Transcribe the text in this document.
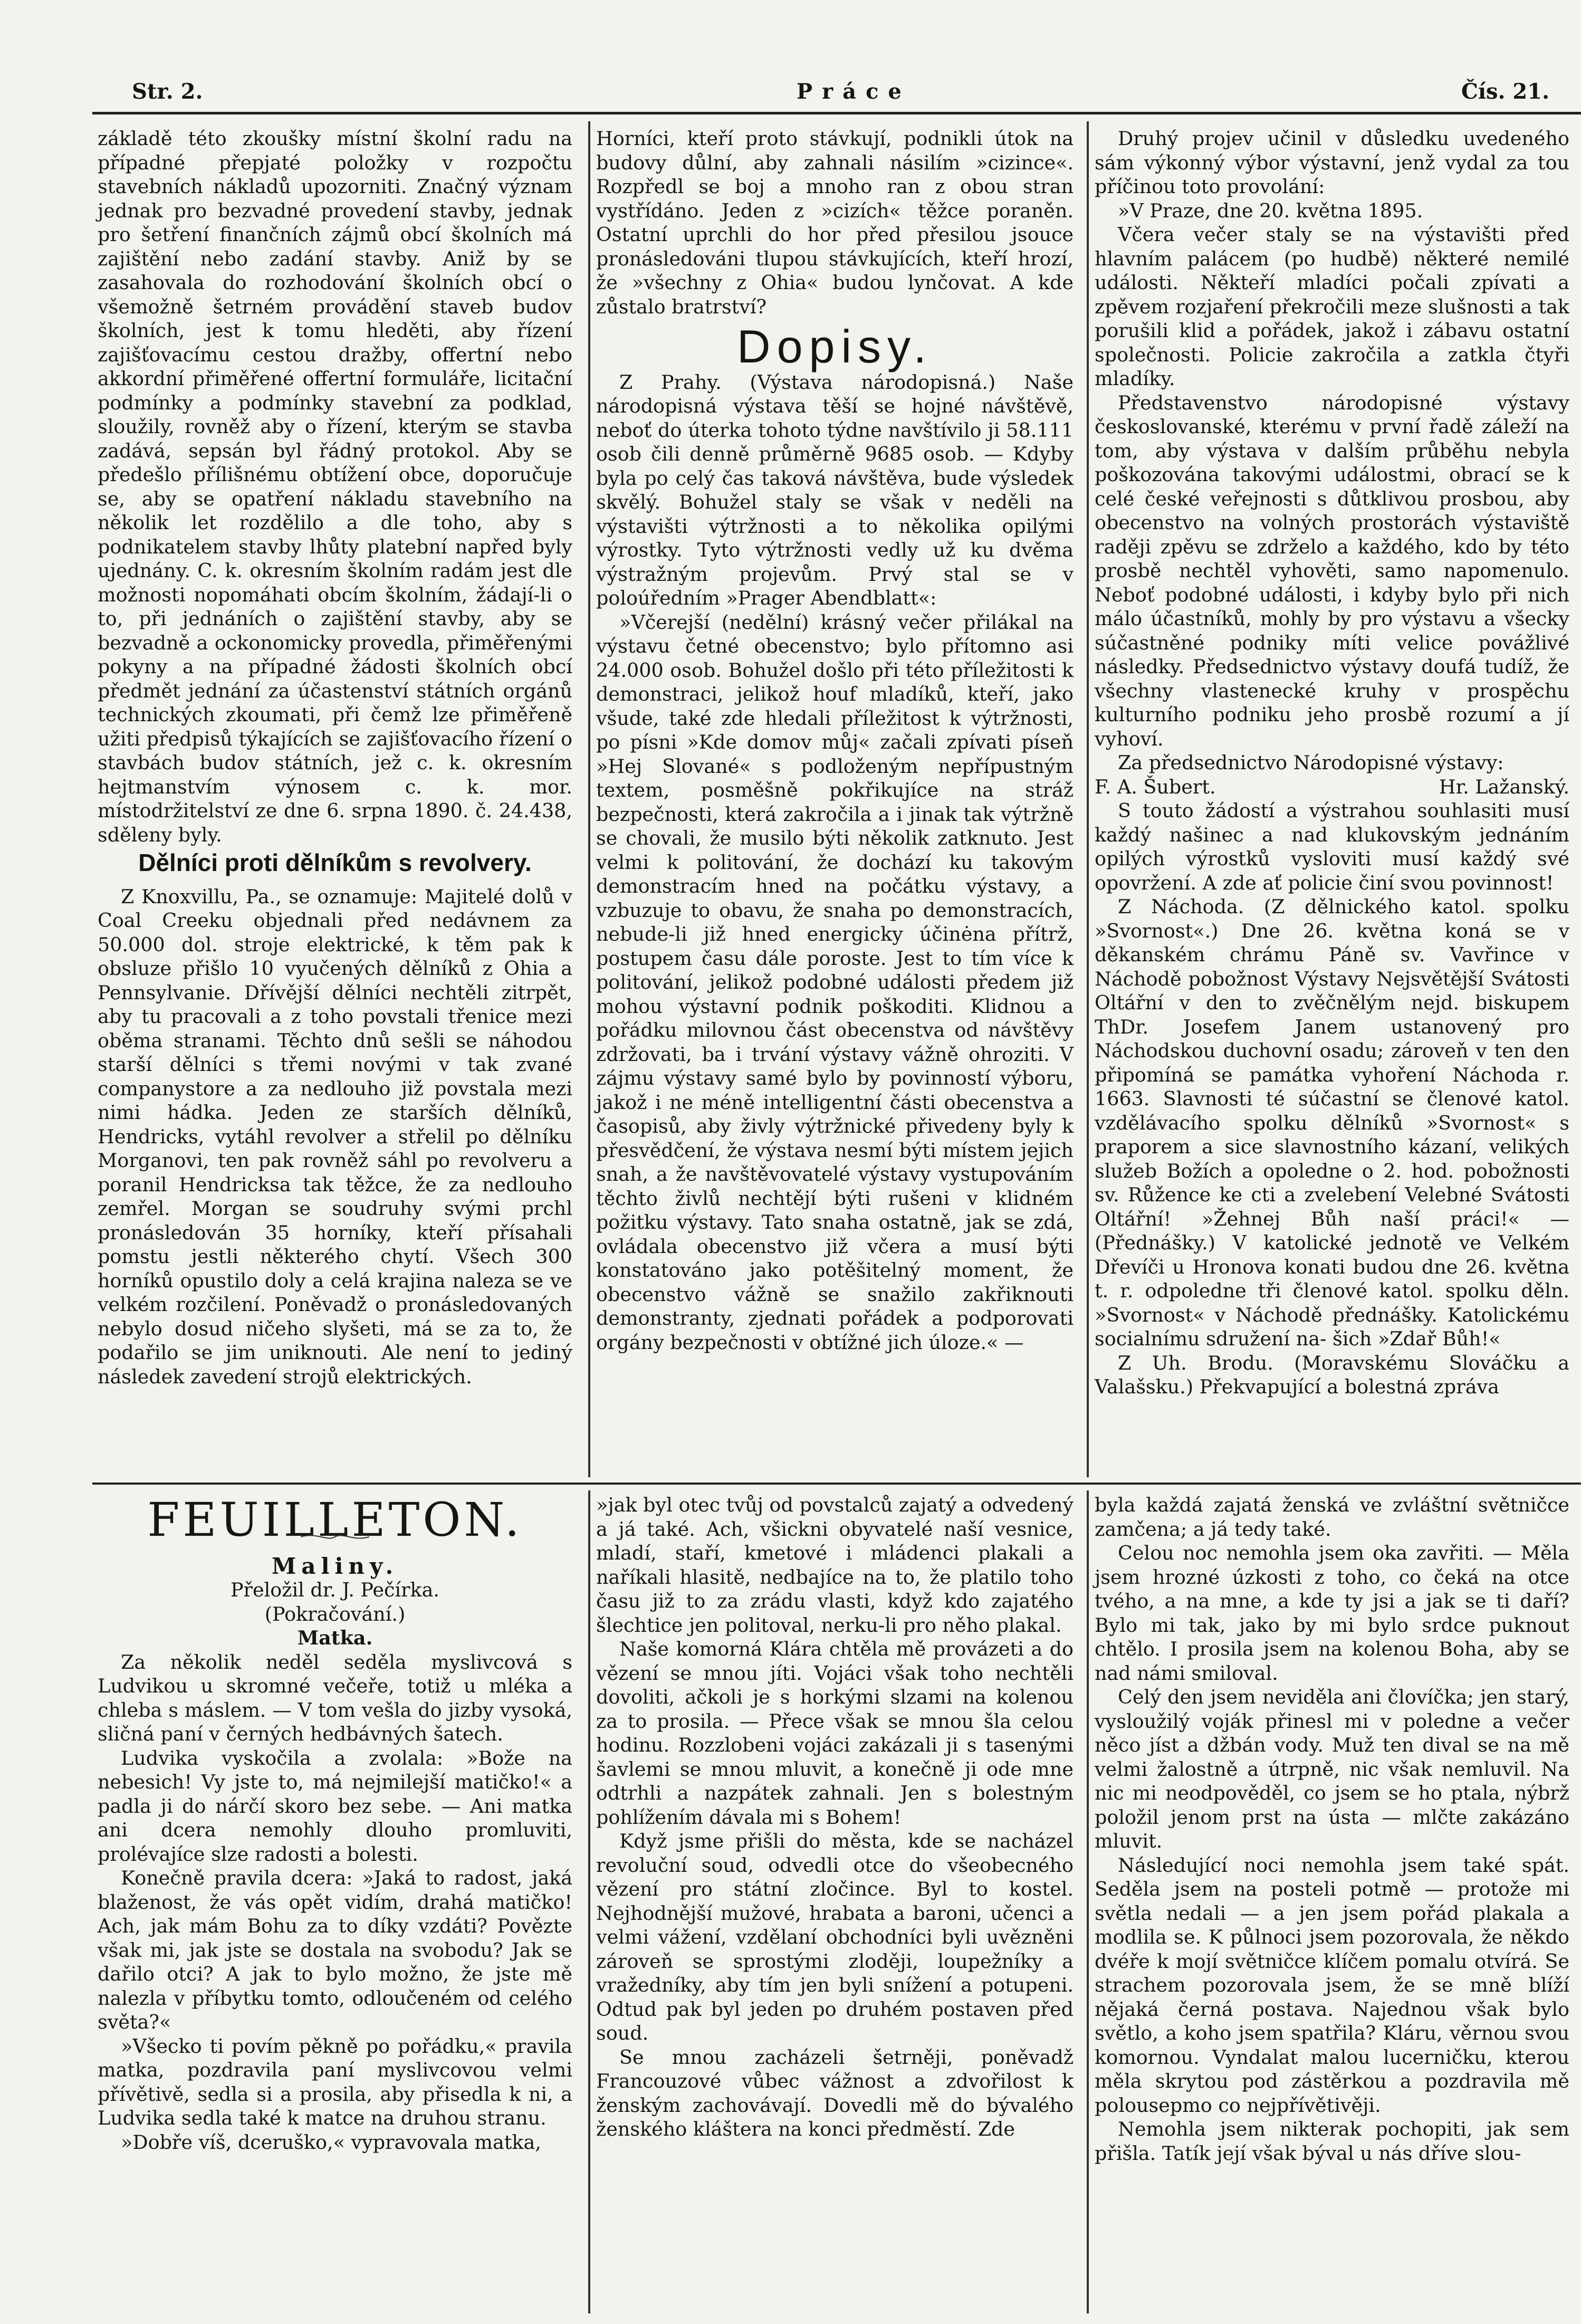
Str. 2.	Práce	Čís. 21.

základě této zkoušky místní školní radu na případné přepjaté položky v rozpočtu stavebních nákladů upozorniti. Značný význam jednak pro bezvadné provedení stavby, jednak pro šetření finančních zájmů obcí školních má zajištění nebo zadání stavby. Aniž by se zasahovala do rozhodování školních obcí o všemožně šetrném provádění staveb budov školních, jest k tomu hleděti, aby řízení zajišťovacímu cestou dražby, offertní nebo akkordní přiměřené offertní formuláře, licitační podmínky a podmínky stavební za podklad, sloužily, rovněž aby o řízení, kterým se stavba zadává, sepsán byl řádný protokol. Aby se předešlo přílišnému obtížení obce, doporučuje se, aby se opatření nákladu stavebního na několik let rozdělilo a dle toho, aby s podnikatelem stavby lhůty platební napřed byly ujednány. C. k. okresním školním radám jest dle možnosti nopomáhati obcím školním, žádají-li o to, při jednáních o zajištění stavby, aby se bezvadně a ockonomicky provedla, přiměřenými pokyny a na případné žádosti školních obcí předmět jednání za účastenství státních orgánů technických zkoumati, při čemž lze přiměřeně užiti předpisů týkajících se zajišťovacího řízení o stavbách budov státních, jež c. k. okresním hejtmanstvím výnosem c. k. mor. místodržitelství ze dne 6. srpna 1890. č. 24.438, sděleny byly.

Dělníci proti dělníkům s revolvery.

Z Knoxvillu, Pa., se oznamuje: Majitelé dolů v Coal Creeku objednali před nedávnem za 50.000 dol. stroje elektrické, k těm pak k obsluze přišlo 10 vyučených dělníků z Ohia a Pennsylvanie. Dřívější dělníci nechtěli zitrpět, aby tu pracovali a z toho povstali třenice mezi oběma stranami. Těchto dnů sešli se náhodou starší dělníci s třemi novými v tak zvané companystore a za nedlouho již povstala mezi nimi hádka. Jeden ze starších dělníků, Hendricks, vytáhl revolver a střelil po dělníku Morganovi, ten pak rovněž sáhl po revolveru a poranil Hendricksa tak těžce, že za nedlouho zemřel. Morgan se soudruhy svými prchl pronásledován 35 horníky, kteří přísahali pomstu jestli některého chytí. Všech 300 horníků opustilo doly a celá krajina naleza se ve velkém rozčilení. Poněvadž o pronásledovaných nebylo dosud ničeho slyšeti, má se za to, že podařilo se jim uniknouti. Ale není to jediný následek zavedení strojů elektrických.

Horníci, kteří proto stávkují, podnikli útok na budovy důlní, aby zahnali násilím »cizince«. Rozpředl se boj a mnoho ran z obou stran vystřídáno. Jeden z »cizích« těžce poraněn. Ostatní uprchli do hor před přesilou jsouce pronásledováni tlupou stávkujících, kteří hrozí, že »všechny z Ohia« budou lynčovat. A kde zůstalo bratrství?

Dopisy.

Z Prahy. (Výstava národopisná.) Naše národopisná výstava těší se hojné návštěvě, neboť do úterka tohoto týdne navštívilo ji 58.111 osob čili denně průměrně 9685 osob. — Kdyby byla po celý čas taková návštěva, bude výsledek skvělý. Bohužel staly se však v neděli na výstavišti výtržnosti a to několika opilými výrostky. Tyto výtržnosti vedly už ku dvěma výstražným projevům. Prvý stal se v poloúředním »Prager Abendblatt«:

»Včerejší (nedělní) krásný večer přilákal na výstavu četné obecenstvo; bylo přítomno asi 24.000 osob. Bohužel došlo při této příležitosti k demonstraci, jelikož houf mladíků, kteří, jako všude, také zde hledali příležitost k výtržnosti, po písni »Kde domov můj« začali zpívati píseň »Hej Slované« s podloženým nepřípustným textem, posměšně pokřikujíce na stráž bezpečnosti, která zakročila a i jinak tak výtržně se chovali, že musilo býti několik zatknuto. Jest velmi k politování, že dochází ku takovým demonstracím hned na počátku výstavy, a vzbuzuje to obavu, že snaha po demonstracích, nebude-li již hned energicky účinėna přítrž, postupem času dále poroste. Jest to tím více k politování, jelikož podobné události předem již mohou výstavní podnik poškoditi. Klidnou a pořádku milovnou část obecenstva od návštěvy zdržovati, ba i trvání výstavy vážně ohroziti. V zájmu výstavy samé bylo by povinností výboru, jakož i ne méně intelligentní části obecenstva a časopisů, aby živly výtržnické přivedeny byly k přesvědčení, že výstava nesmí býti místem jejich snah, a že navštěvovatelé výstavy vystupováním těchto živlů nechtějí býti rušeni v klidném požitku výstavy. Tato snaha ostatně, jak se zdá, ovládala obecenstvo již včera a musí býti konstatováno jako potěšitelný moment, že obecenstvo vážně se snažilo zakřiknouti demonstranty, zjednati pořádek a podporovati orgány bezpečnosti v obtížné jich úloze.« —

Druhý projev učinil v důsledku uvedeného sám výkonný výbor výstavní, jenž vydal za tou příčinou toto provolání:

»V Praze, dne 20. května 1895.

Včera večer staly se na výstavišti před hlavním palácem (po hudbě) některé nemilé události. Někteří mladíci počali zpívati a zpěvem rozjaření překročili meze slušnosti a tak porušili klid a pořádek, jakož i zábavu ostatní společnosti. Policie zakročila a zatkla čtyři mladíky.

Představenstvo národopisné výstavy českoslovanské, kterému v první řadě záleží na tom, aby výstava v dalším průběhu nebyla poškozována takovými událostmi, obrací se k celé české veřejnosti s důtklivou prosbou, aby obecenstvo na volných prostorách výstaviště raději zpěvu se zdrželo a každého, kdo by této prosbě nechtěl vyhověti, samo napomenulo. Neboť podobné události, i kdyby bylo při nich málo účastníků, mohly by pro výstavu a všecky súčastněné podniky míti velice povážlivé následky. Předsednictvo výstavy doufá tudíž, že všechny vlastenecké kruhy v prospěchu kulturního podniku jeho prosbě rozumí a jí vyhoví.

Za předsednictvo Národopisné výstavy:

F. A. Šubert.	Hr. Lažanský.

S touto žádostí a výstrahou souhlasiti musí každý našinec a nad klukovským jednáním opilých výrostků vysloviti musí každý své opovržení. A zde ať policie činí svou povinnost!

Z Náchoda. (Z dělnického katol. spolku »Svornost«.) Dne 26. května koná se v děkanském chrámu Páně sv. Vavřince v Náchodě pobožnost Výstavy Nejsvětější Svátosti Oltářní v den to zvěčnělým nejd. biskupem ThDr. Josefem Janem ustanovený pro Náchodskou duchovní osadu; zároveň v ten den připomíná se památka vyhoření Náchoda r. 1663. Slavnosti té súčastní se členové katol. vzdělávacího spolku dělníků »Svornost« s praporem a sice slavnostního kázaní, velikých služeb Božích a opoledne o 2. hod. pobožnosti sv. Růžence ke cti a zvelebení Velebné Svátosti Oltářní! »Žehnej Bůh naší práci!« — (Přednášky.) V katolické jednotě ve Velkém Dřevíči u Hronova konati budou dne 26. května t. r. odpoledne tři členové katol. spolku děln. »Svornost« v Náchodě přednášky. Katolickému socialnímu sdružení na- šich »Zdař Bůh!«

Z Uh. Brodu. (Moravskému Slováčku a Valašsku.) Překvapující a bolestná zpráva

FEUILLETON.
Maliny.

Přeložil dr. J. Pečírka.

(Pokračování.)

Matka.

Za několik neděl seděla myslivcová s Ludvikou u skromné večeře, totiž u mléka a chleba s máslem. — V tom vešla do jizby vysoká, sličná paní v černých hedbávných šatech.

Ludvika vyskočila a zvolala: »Bože na nebesich! Vy jste to, má nejmilejší matičko!« a padla ji do nárčí skoro bez sebe. — Ani matka ani dcera nemohly dlouho promluviti, prolévajíce slze radosti a bolesti.

Konečně pravila dcera: »Jaká to radost, jaká blaženost, že vás opět vidím, drahá matičko! Ach, jak mám Bohu za to díky vzdáti? Povězte však mi, jak jste se dostala na svobodu? Jak se dařilo otci? A jak to bylo možno, že jste mě nalezla v příbytku tomto, odloučeném od celého světa?«

»Všecko ti povím pěkně po pořádku,« pravila matka, pozdravila paní myslivcovou velmi přívětivě, sedla si a prosila, aby přisedla k ni, a Ludvika sedla také k matce na druhou stranu.

»Dobře víš, dceruško,« vypravovala matka,

»jak byl otec tvůj od povstalců zajatý a odvedený a já také. Ach, všickni obyvatelé naší vesnice, mladí, staří, kmetové i mládenci plakali a naříkali hlasitě, nedbajíce na to, že platilo toho času již to za zrádu vlasti, když kdo zajatého šlechtice jen politoval, nerku-li pro něho plakal.

Naše komorná Klára chtěla mě provázeti a do vězení se mnou jíti. Vojáci však toho nechtěli dovoliti, ačkoli je s horkými slzami na kolenou za to prosila. — Přece však se mnou šla celou hodinu. Rozzlobeni vojáci zakázali ji s tasenými šavlemi se mnou mluvit, a konečně ji ode mne odtrhli a nazpátek zahnali. Jen s bolestným pohlížením dávala mi s Bohem!

Když jsme přišli do města, kde se nacházel revoluční soud, odvedli otce do všeobecného vězení pro státní zločince. Byl to kostel. Nejhodnější mužové, hrabata a baroni, učenci a velmi vážení, vzdělaní obchodníci byli uvězněni zároveň se sprostými zloději, loupežníky a vražedníky, aby tím jen byli snížení a potupeni. Odtud pak byl jeden po druhém postaven před soud.

Se mnou zacházeli šetrněji, poněvadž Francouzové vůbec vážnost a zdvořilost k ženským zachovávají. Dovedli mě do bývalého ženského kláštera na konci předměstí. Zde

byla každá zajatá ženská ve zvláštní světničce zamčena; a já tedy také.

Celou noc nemohla jsem oka zavřiti. — Měla jsem hrozné úzkosti z toho, co čeká na otce tvého, a na mne, a kde ty jsi a jak se ti daří? Bylo mi tak, jako by mi bylo srdce puknout chtělo. I prosila jsem na kolenou Boha, aby se nad námi smiloval.

Celý den jsem neviděla ani človíčka; jen starý, vysloužilý voják přinesl mi v poledne a večer něco jíst a džbán vody. Muž ten dival se na mě velmi žalostně a útrpně, nic však nemluvil. Na nic mi neodpověděl, co jsem se ho ptala, nýbrž položil jenom prst na ústa — mlčte zakázáno mluvit.

Následující noci nemohla jsem také spát. Seděla jsem na posteli potmě — protože mi světla nedali — a jen jsem pořád plakala a modlila se. K půlnoci jsem pozorovala, že někdo dvéře k mojí světničce klíčem pomalu otvírá. Se strachem pozorovala jsem, že se mně blíží nějaká černá postava. Najednou však bylo světlo, a koho jsem spatřila? Kláru, věrnou svou komornou. Vyndalat malou lucerničku, kterou měla skrytou pod zástěrkou a pozdravila mě polousepmo co nejpřívětivěji.

Nemohla jsem nikterak pochopiti, jak sem přišla. Tatík její však býval u nás dříve slou-
